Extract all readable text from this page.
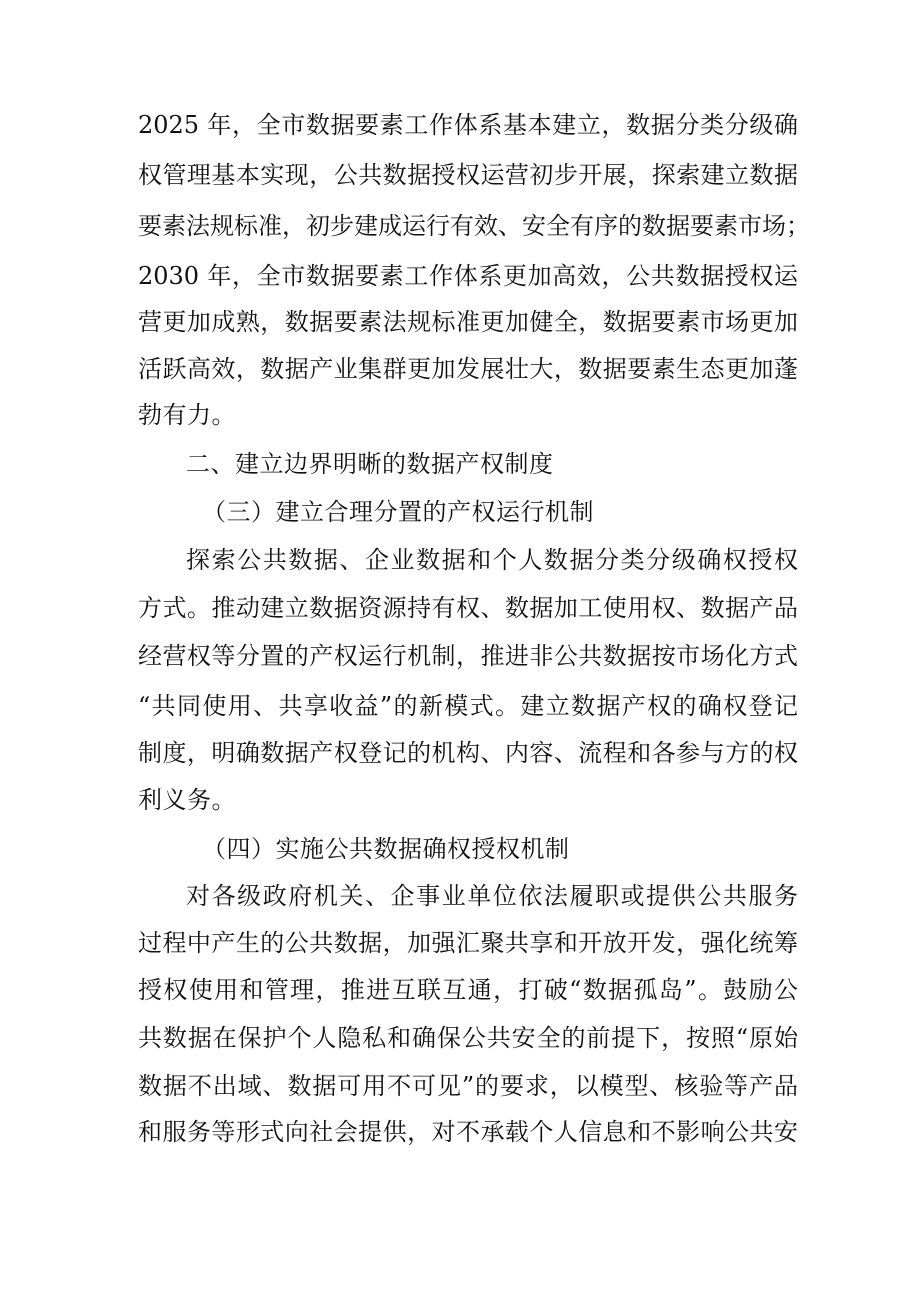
2025 年，全市数据要素工作体系基本建立，数据分类分级确
权管理基本实现，公共数据授权运营初步开展，探索建立数据
要素法规标准，初步建成运行有效、安全有序的数据要素市场；
2030 年，全市数据要素工作体系更加高效，公共数据授权运
营更加成熟，数据要素法规标准更加健全，数据要素市场更加
活跃高效，数据产业集群更加发展壮大，数据要素生态更加蓬
勃有力。
二、建立边界明晰的数据产权制度
（三）建立合理分置的产权运行机制
探索公共数据、企业数据和个人数据分类分级确权授权
方式。推动建立数据资源持有权、数据加工使用权、数据产品
经营权等分置的产权运行机制，推进非公共数据按市场化方式
“共同使用、共享收益”的新模式。建立数据产权的确权登记
制度，明确数据产权登记的机构、内容、流程和各参与方的权
利义务。
（四）实施公共数据确权授权机制
对各级政府机关、企事业单位依法履职或提供公共服务
过程中产生的公共数据，加强汇聚共享和开放开发，强化统筹
授权使用和管理，推进互联互通，打破“数据孤岛”。鼓励公
共数据在保护个人隐私和确保公共安全的前提下，按照“原始
数据不出域、数据可用不可见”的要求，以模型、核验等产品
和服务等形式向社会提供，对不承载个人信息和不影响公共安
